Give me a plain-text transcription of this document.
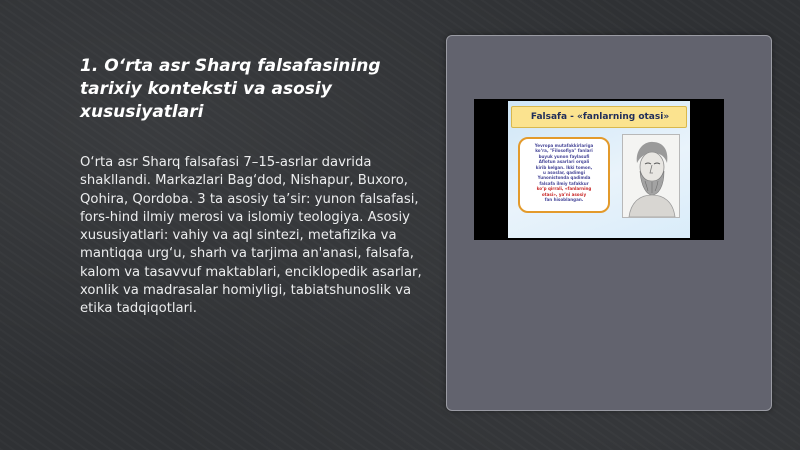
1. O‘rta asr Sharq falsafasining tarixiy konteksti va asosiy xususiyatlari

O‘rta asr Sharq falsafasi 7–15-asrlar davrida shakllandi. Markazlari Bag‘dod, Nishapur, Buxoro, Qohira, Qordoba. 3 ta asosiy ta’sir: yunon falsafasi, fors-hind ilmiy merosi va islomiy teologiya. Asosiy xususiyatlari: vahiy va aql sintezi, metafizika va mantiqqa urg‘u, sharh va tarjima an'anasi, falsafa, kalom va tasavvuf maktablari, enciklopedik asarlar, xonlik va madrasalar homiyligi, tabiatshunoslik va etika tadqiqotlari.

Falsafa - «fanlarning otasi»
Yevropa mutafakkirlariga
ko‘ra, "Filosofiya" fanlari
buyuk yunon faylasufi
Aflotun asarlari orqali
kirib kelgan. Ikki tomon,
u asoslar, qadimgi
Yunonistonda qadimda
falsafa ilmiy tafakkur
ko‘p qirrali, «fanlarning
otasi», ya’ni asosiy
fan hisoblangan.
